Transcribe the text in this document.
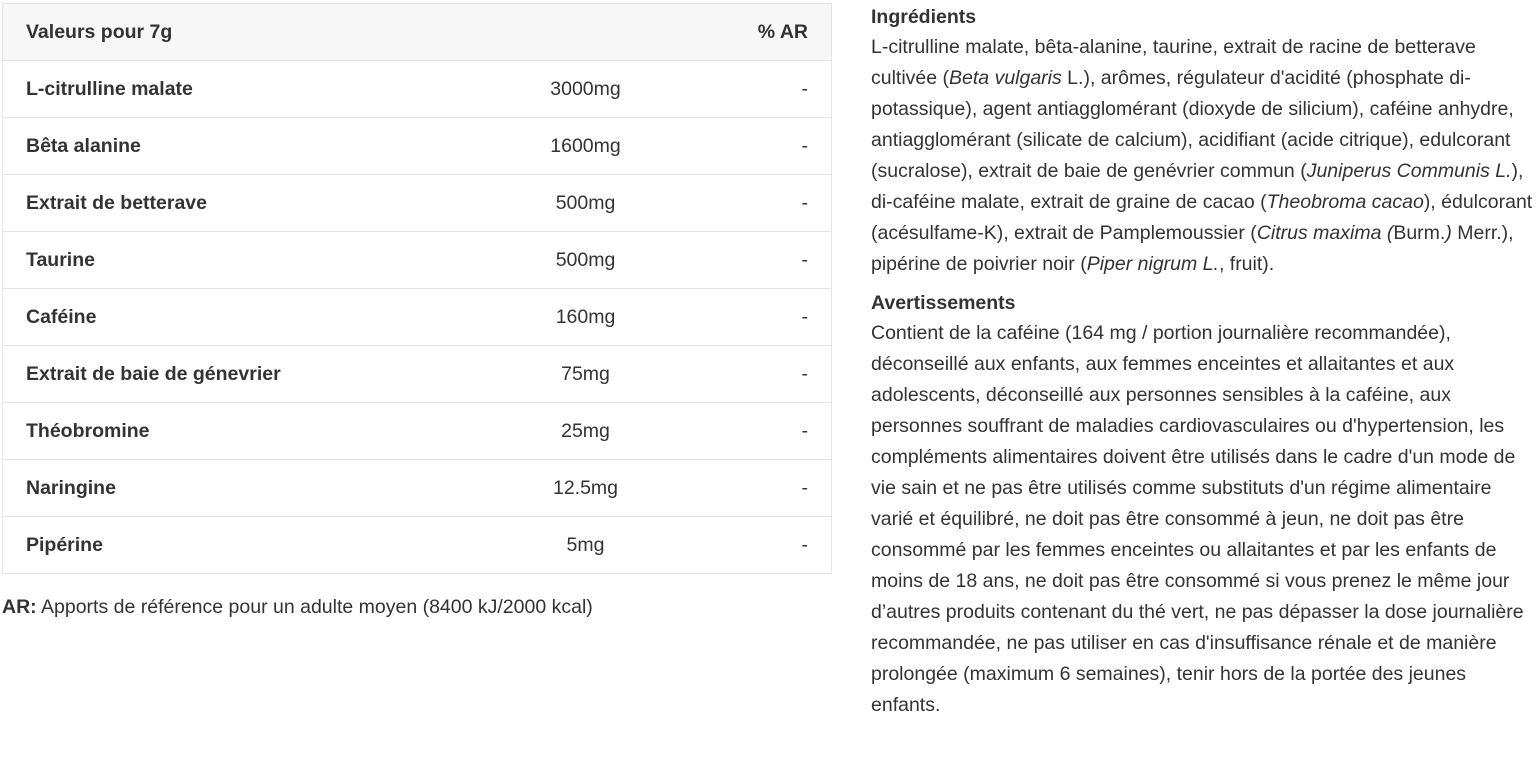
Valeurs pour 7g		% AR
L-citrulline malate	3000mg	-
Bêta alanine	1600mg	-
Extrait de betterave	500mg	-
Taurine	500mg	-
Caféine	160mg	-
Extrait de baie de génevrier	75mg	-
Théobromine	25mg	-
Naringine	12.5mg	-
Pipérine	5mg	-
AR: Apports de référence pour un adulte moyen (8400 kJ/2000 kcal)
Ingrédients
L-citrulline malate, bêta-alanine, taurine, extrait de racine de betterave cultivée (Beta vulgaris L.), arômes, régulateur d'acidité (phosphate di-potassique), agent antiagglomérant (dioxyde de silicium), caféine anhydre, antiagglomérant (silicate de calcium), acidifiant (acide citrique), edulcorant (sucralose), extrait de baie de genévrier commun (Juniperus Communis L.), di-caféine malate, extrait de graine de cacao (Theobroma cacao), édulcorant (acésulfame-K), extrait de Pamplemoussier (Citrus maxima (Burm.) Merr.), pipérine de poivrier noir (Piper nigrum L., fruit).
Avertissements
Contient de la caféine (164 mg / portion journalière recommandée), déconseillé aux enfants, aux femmes enceintes et allaitantes et aux adolescents, déconseillé aux personnes sensibles à la caféine, aux personnes souffrant de maladies cardiovasculaires ou d'hypertension, les compléments alimentaires doivent être utilisés dans le cadre d'un mode de vie sain et ne pas être utilisés comme substituts d'un régime alimentaire varié et équilibré, ne doit pas être consommé à jeun, ne doit pas être consommé par les femmes enceintes ou allaitantes et par les enfants de moins de 18 ans, ne doit pas être consommé si vous prenez le même jour d’autres produits contenant du thé vert, ne pas dépasser la dose journalière recommandée, ne pas utiliser en cas d'insuffisance rénale et de manière prolongée (maximum 6 semaines), tenir hors de la portée des jeunes enfants.
